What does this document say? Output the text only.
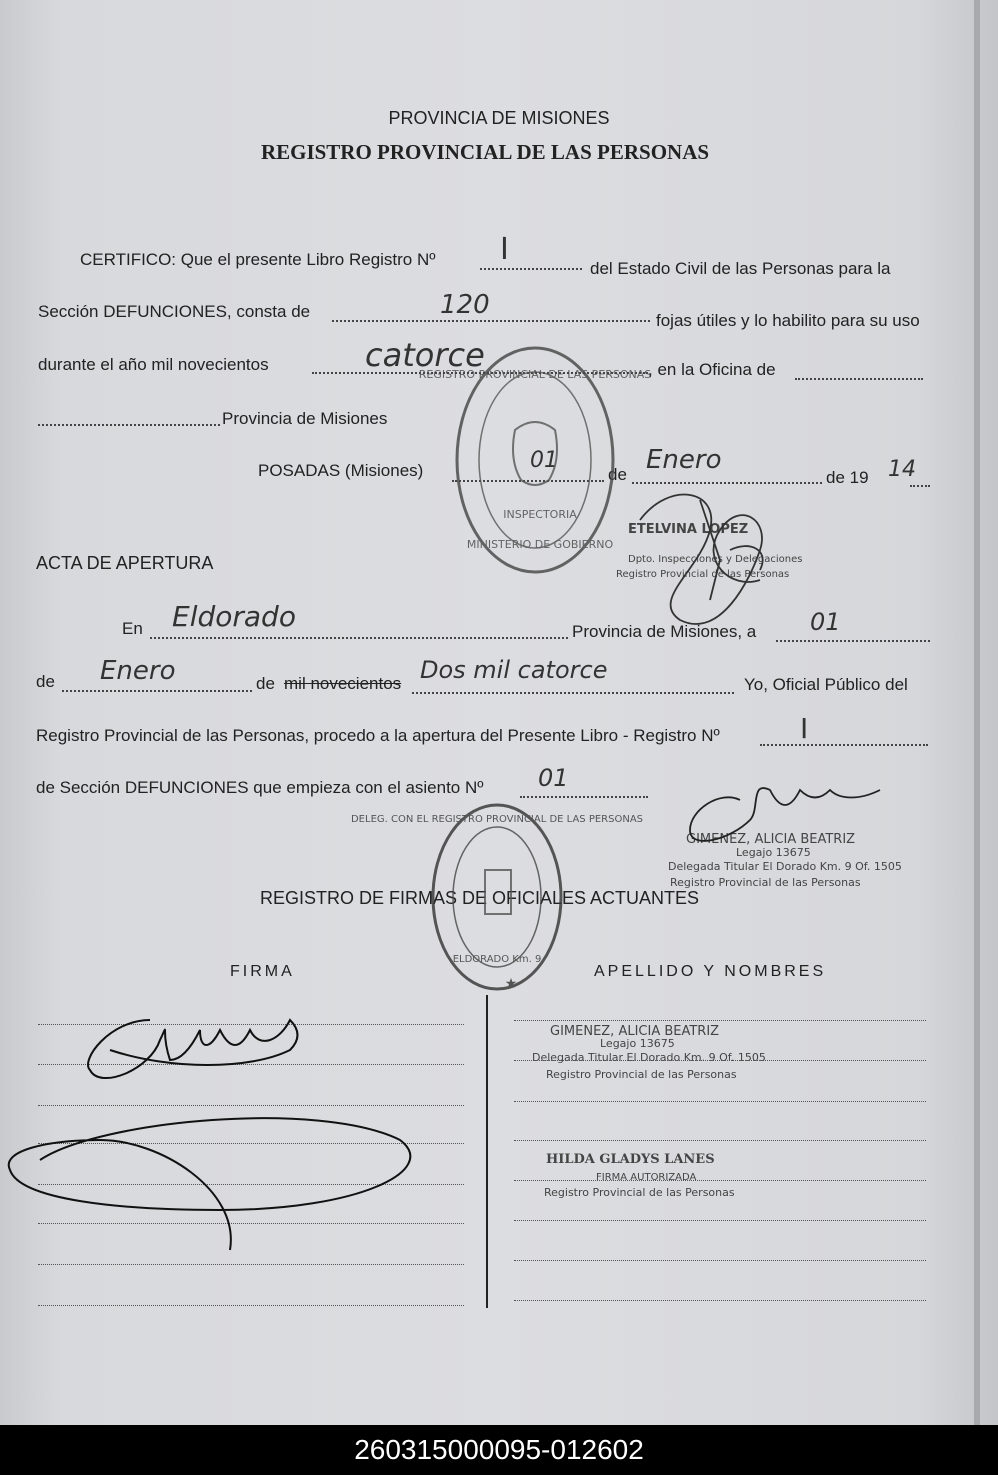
PROVINCIA DE MISIONES
REGISTRO PROVINCIAL DE LAS PERSONAS
CERTIFICO: Que el presente Libro Registro Nº I
del Estado Civil de las Personas para la
Sección DEFUNCIONES, consta de	120
fojas útiles y lo habilito para su uso
durante el año mil novecientos	catorce	, en la Oficina de
Provincia de Misiones
POSADAS (Misiones)	01
de Enero
de 19 14
ACTA DE APERTURA
En Eldorado	Provincia de Misiones, a 01
de Enero	de mil novecientos Dos mil catorce
Yo, Oficial Público del
Registro Provincial de las Personas, procedo a la apertura del Presente Libro - Registro Nº	I
de Sección DEFUNCIONES que empieza con el asiento Nº 01
ETELVINA LOPEZ
Dpto. Inspecciones y Delegaciones
Registro Provincial de las Personas
GIMENEZ, ALICIA BEATRIZ
Legajo 13675
Delegada Titular El Dorado Km. 9 Of. 1505
Registro Provincial de las Personas
REGISTRO DE FIRMAS DE OFICIALES ACTUANTES
FIRMA	APELLIDO Y NOMBRES
GIMENEZ, ALICIA BEATRIZ
Legajo 13675
Delegada Titular El Dorado Km. 9 Of. 1505
Registro Provincial de las Personas
HILDA GLADYS LANES
FIRMA AUTORIZADA
Registro Provincial de las Personas
REGISTRO PROVINCIAL DE LAS PERSONAS
INSPECTORIA
MINISTERIO DE GOBIERNO
DELEG. CON EL REGISTRO PROVINCIAL DE LAS PERSONAS
ELDORADO Km. 9
★
260315000095-012602
